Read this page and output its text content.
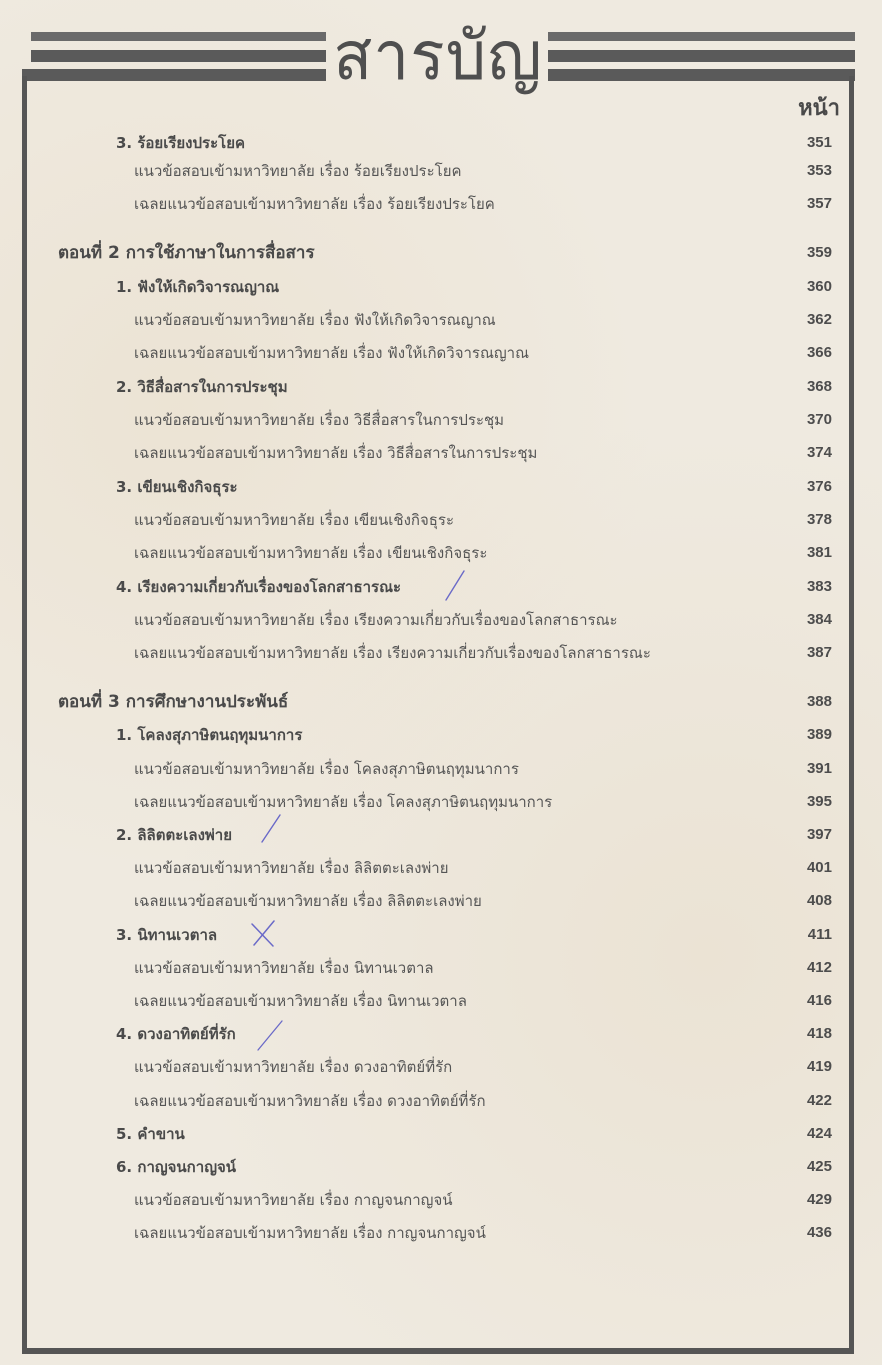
สารบัญ
หน้า
3. ร้อยเรียงประโยค	351
แนวข้อสอบเข้ามหาวิทยาลัย เรื่อง ร้อยเรียงประโยค	353
เฉลยแนวข้อสอบเข้ามหาวิทยาลัย เรื่อง ร้อยเรียงประโยค	357
ตอนที่ 2 การใช้ภาษาในการสื่อสาร	359
1. ฟังให้เกิดวิจารณญาณ	360
แนวข้อสอบเข้ามหาวิทยาลัย เรื่อง ฟังให้เกิดวิจารณญาณ	362
เฉลยแนวข้อสอบเข้ามหาวิทยาลัย เรื่อง ฟังให้เกิดวิจารณญาณ	366
2. วิธีสื่อสารในการประชุม	368
แนวข้อสอบเข้ามหาวิทยาลัย เรื่อง วิธีสื่อสารในการประชุม	370
เฉลยแนวข้อสอบเข้ามหาวิทยาลัย เรื่อง วิธีสื่อสารในการประชุม	374
3. เขียนเชิงกิจธุระ	376
แนวข้อสอบเข้ามหาวิทยาลัย เรื่อง เขียนเชิงกิจธุระ	378
เฉลยแนวข้อสอบเข้ามหาวิทยาลัย เรื่อง เขียนเชิงกิจธุระ	381
4. เรียงความเกี่ยวกับเรื่องของโลกสาธารณะ	383
แนวข้อสอบเข้ามหาวิทยาลัย เรื่อง เรียงความเกี่ยวกับเรื่องของโลกสาธารณะ	384
เฉลยแนวข้อสอบเข้ามหาวิทยาลัย เรื่อง เรียงความเกี่ยวกับเรื่องของโลกสาธารณะ	387
ตอนที่ 3 การศึกษางานประพันธ์	388
1. โคลงสุภาษิตนฤทุมนาการ	389
แนวข้อสอบเข้ามหาวิทยาลัย เรื่อง โคลงสุภาษิตนฤทุมนาการ	391
เฉลยแนวข้อสอบเข้ามหาวิทยาลัย เรื่อง โคลงสุภาษิตนฤทุมนาการ	395
2. ลิลิตตะเลงพ่าย	397
แนวข้อสอบเข้ามหาวิทยาลัย เรื่อง ลิลิตตะเลงพ่าย	401
เฉลยแนวข้อสอบเข้ามหาวิทยาลัย เรื่อง ลิลิตตะเลงพ่าย	408
3. นิทานเวตาล	411
แนวข้อสอบเข้ามหาวิทยาลัย เรื่อง นิทานเวตาล	412
เฉลยแนวข้อสอบเข้ามหาวิทยาลัย เรื่อง นิทานเวตาล	416
4. ดวงอาทิตย์ที่รัก	418
แนวข้อสอบเข้ามหาวิทยาลัย เรื่อง ดวงอาทิตย์ที่รัก	419
เฉลยแนวข้อสอบเข้ามหาวิทยาลัย เรื่อง ดวงอาทิตย์ที่รัก	422
5. คำขาน	424
6. กาญจนกาญจน์	425
แนวข้อสอบเข้ามหาวิทยาลัย เรื่อง กาญจนกาญจน์	429
เฉลยแนวข้อสอบเข้ามหาวิทยาลัย เรื่อง กาญจนกาญจน์	436
